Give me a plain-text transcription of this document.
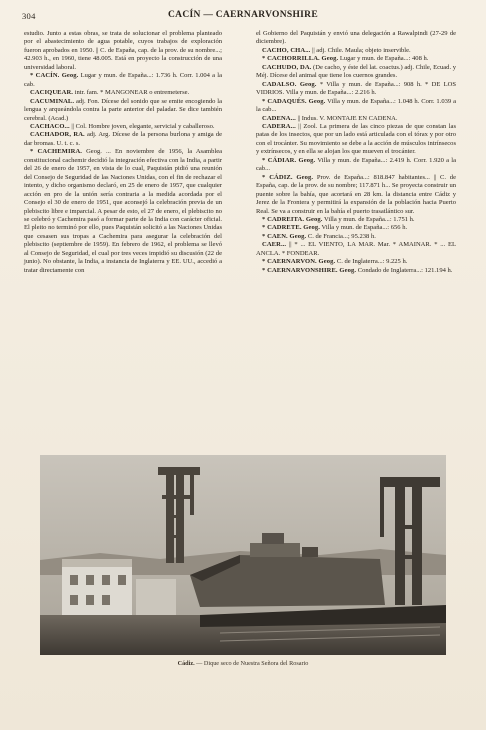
304	CACÍN — CAERNARVONSHIRE

estudio. Junto a estas obras, se trata de solucionar el problema planteado por el abastecimiento de agua potable, cuyos trabajos de exploración fueron aprobados en 1950. || C. de España, cap. de la prov. de su nombre...; 42.903 h., en 1960, tiene 48.005. Está en proyecto la construcción de una universidad laboral.

* CACÍN. Geog. Lugar y mun. de España...: 1.736 h. Corr. 1.004 a la cab.

CACIQUEAR. intr. fam. * MANGONEAR o entremeterse.

CACUMINAL. adj. Fon. Dícese del sonido que se emite encogiendo la lengua y arqueándola contra la parte anterior del paladar. Se dice también cerebral. (Acad.)

CACHACO... || Col. Hombre joven, elegante, servicial y caballeroso.

CACHADOR, RA. adj. Arg. Dícese de la persona burlona y amiga de dar bromas. U. t. c. s.

* CACHEMIRA. Geog. ... En noviembre de 1956, la Asamblea constitucional cachemir decidió la integración efectiva con la India, a partir del 26 de enero de 1957, en vista de lo cual, Paquistán pidió una reunión del Consejo de Seguridad de las Naciones Unidas, con el fin de rechazar el intento, y dicho organismo declaró, en 25 de enero de 1957, que cualquier acción en pro de la unión sería contraria a la medida acordada por el Consejo el 30 de enero de 1951, que aconsejó la celebración previa de un plebiscito libre e imparcial. A pesar de esto, el 27 de enero, el plebiscito no se celebró y Cachemira pasó a formar parte de la India con carácter oficial. El pleito no terminó por ello, pues Paquistán solicitó a las Naciones Unidas que cesasen sus tropas a Cachemira para asegurar la celebración del plebiscito (septiembre de 1959). En febrero de 1962, el problema se llevó al Consejo de Seguridad, el cual por tres veces impidió su discusión (22 de junio). No obstante, la India, a instancia de Inglaterra y EE. UU., accedió a tratar directamente con

el Gobierno del Paquistán y envió una delegación a Rawalpindi (27-29 de diciembre).

CACHO, CHA... || adj. Chile. Maula; objeto inservible.

* CACHORRILLA. Geog. Lugar y mun. de España...: 408 h.

CACHUDO, DA. (De cacho, y éste del lat. coactus.) adj. Chile, Ecuad. y Méj. Dícese del animal que tiene los cuernos grandes.

CADALSO. Geog. * Villa y mun. de España...: 908 h. * DE LOS VIDRIOS. Villa y mun. de España...: 2.216 h.

* CADAQUÉS. Geog. Villa y mun. de España...: 1.048 h. Corr. 1.039 a la cab...

CADENA... || Indus. V. MONTAJE EN CADENA.

CADERA... || Zool. La primera de las cinco piezas de que constan las patas de los insectos, que por un lado está articulada con el tórax y por otro con el trocánter. Su movimiento se debe a la acción de músculos intrínsecos y extrínsecos, y en ella se alojan los que mueven el trocánter.

* CÁDIAR. Geog. Villa y mun. de España...: 2.419 h. Corr. 1.920 a la cab...

* CÁDIZ. Geog. Prov. de España...: 818.847 habitantes... || C. de España, cap. de la prov. de su nombre; 117.871 h... Se proyecta construir un puente sobre la bahía, que acortará en 28 km. la distancia entre Cádiz y Jerez de la Frontera y permitirá la expansión de la población hacia Puerto Real. Se va a construir en la bahía el puerto trasatlántico sur.

* CADREITA. Geog. Villa y mun. de España...: 1.751 h.

* CADRETE. Geog. Villa y mun. de España...: 656 h.

* CAEN. Geog. C. de Francia...; 95.238 h.

CAER... || * ... EL VIENTO, LA MAR. Mar. * AMAINAR. * ... EL ANCLA. * FONDEAR.

* CAERNARVON. Geog. C. de Inglaterra...: 9.225 h.

* CAERNARVONSHIRE. Geog. Condado de Inglaterra...: 121.194 h.

Cádiz. — Dique seco de Nuestra Señora del Rosario
